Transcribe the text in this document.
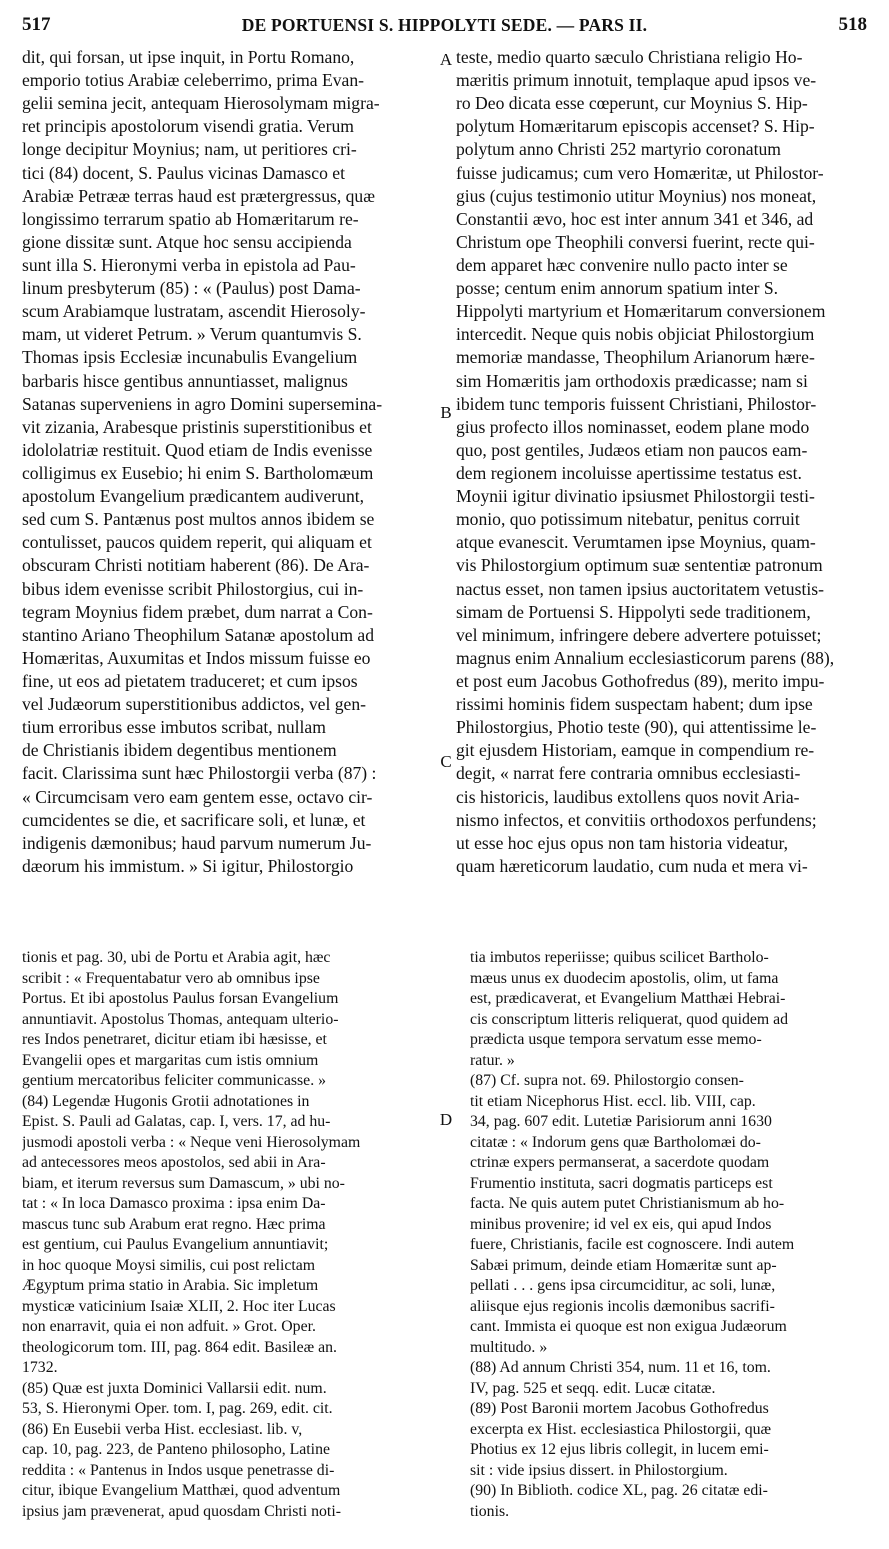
517	DE PORTUENSI S. HIPPOLYTI SEDE. — PARS II.	518
dit, qui forsan, ut ipse inquit, in Portu Romano,
emporio totius Arabiæ celeberrimo, prima Evan-
gelii semina jecit, antequam Hierosolymam migra-
ret principis apostolorum visendi gratia. Verum
longe decipitur Moynius; nam, ut peritiores cri-
tici (84) docent, S. Paulus vicinas Damasco et
Arabiæ Petrææ terras haud est prætergressus, quæ
longissimo terrarum spatio ab Homæritarum re-
gione dissitæ sunt. Atque hoc sensu accipienda
sunt illa S. Hieronymi verba in epistola ad Pau-
linum presbyterum (85) : « (Paulus) post Dama-
scum Arabiamque lustratam, ascendit Hierosoly-
mam, ut videret Petrum. » Verum quantumvis S.
Thomas ipsis Ecclesiæ incunabulis Evangelium
barbaris hisce gentibus annuntiasset, malignus
Satanas superveniens in agro Domini supersemina-
vit zizania, Arabesque pristinis superstitionibus et
idololatriæ restituit. Quod etiam de Indis evenisse
colligimus ex Eusebio; hi enim S. Bartholomæum
apostolum Evangelium prædicantem audiverunt,
sed cum S. Pantænus post multos annos ibidem se
contulisset, paucos quidem reperit, qui aliquam et
obscuram Christi notitiam haberent (86). De Ara-
bibus idem evenisse scribit Philostorgius, cui in-
tegram Moynius fidem præbet, dum narrat a Con-
stantino Ariano Theophilum Satanæ apostolum ad
Homæritas, Auxumitas et Indos missum fuisse eo
fine, ut eos ad pietatem traduceret; et cum ipsos
vel Judæorum superstitionibus addictos, vel gen-
tium erroribus esse imbutos scribat, nullam
de Christianis ibidem degentibus mentionem
facit. Clarissima sunt hæc Philostorgii verba (87) :
« Circumcisam vero eam gentem esse, octavo cir-
cumcidentes se die, et sacrificare soli, et lunæ, et
indigenis dæmonibus; haud parvum numerum Ju-
dæorum his immistum. » Si igitur, Philostorgio
teste, medio quarto sæculo Christiana religio Ho-
mæritis primum innotuit, templaque apud ipsos ve-
ro Deo dicata esse cœperunt, cur Moynius S. Hip-
polytum Homæritarum episcopis accenset? S. Hip-
polytum anno Christi 252 martyrio coronatum
fuisse judicamus; cum vero Homæritæ, ut Philostor-
gius (cujus testimonio utitur Moynius) nos moneat,
Constantii ævo, hoc est inter annum 341 et 346, ad
Christum ope Theophili conversi fuerint, recte qui-
dem apparet hæc convenire nullo pacto inter se
posse; centum enim annorum spatium inter S.
Hippolyti martyrium et Homæritarum conversionem
intercedit. Neque quis nobis objiciat Philostorgium
memoriæ mandasse, Theophilum Arianorum hære-
sim Homæritis jam orthodoxis prædicasse; nam si
ibidem tunc temporis fuissent Christiani, Philostor-
gius profecto illos nominasset, eodem plane modo
quo, post gentiles, Judæos etiam non paucos eam-
dem regionem incoluisse apertissime testatus est.
Moynii igitur divinatio ipsiusmet Philostorgii testi-
monio, quo potissimum nitebatur, penitus corruit
atque evanescit. Verumtamen ipse Moynius, quam-
vis Philostorgium optimum suæ sententiæ patronum
nactus esset, non tamen ipsius auctoritatem vetustis-
simam de Portuensi S. Hippolyti sede traditionem,
vel minimum, infringere debere advertere potuisset;
magnus enim Annalium ecclesiasticorum parens (88),
et post eum Jacobus Gothofredus (89), merito impu-
rissimi hominis fidem suspectam habent; dum ipse
Philostorgius, Photio teste (90), qui attentissime le-
git ejusdem Historiam, eamque in compendium re-
degit, « narrat fere contraria omnibus ecclesiasti-
cis historicis, laudibus extollens quos novit Aria-
nismo infectos, et convitiis orthodoxos perfundens;
ut esse hoc ejus opus non tam historia videatur,
quam hæreticorum laudatio, cum nuda et mera vi-
A
B
C
D
tionis et pag. 30, ubi de Portu et Arabia agit, hæc
scribit : « Frequentabatur vero ab omnibus ipse
Portus. Et ibi apostolus Paulus forsan Evangelium
annuntiavit. Apostolus Thomas, antequam ulterio-
res Indos penetraret, dicitur etiam ibi hæsisse, et
Evangelii opes et margaritas cum istis omnium
gentium mercatoribus feliciter communicasse. »
(84) Legendæ Hugonis Grotii adnotationes in
Epist. S. Pauli ad Galatas, cap. I, vers. 17, ad hu-
jusmodi apostoli verba : « Neque veni Hierosolymam
ad antecessores meos apostolos, sed abii in Ara-
biam, et iterum reversus sum Damascum, » ubi no-
tat : « In loca Damasco proxima : ipsa enim Da-
mascus tunc sub Arabum erat regno. Hæc prima
est gentium, cui Paulus Evangelium annuntiavit;
in hoc quoque Moysi similis, cui post relictam
Ægyptum prima statio in Arabia. Sic impletum
mysticæ vaticinium Isaiæ XLII, 2. Hoc iter Lucas
non enarravit, quia ei non adfuit. » Grot. Oper.
theologicorum tom. III, pag. 864 edit. Basileæ an.
1732.
(85) Quæ est juxta Dominici Vallarsii edit. num.
53, S. Hieronymi Oper. tom. I, pag. 269, edit. cit.
(86) En Eusebii verba Hist. ecclesiast. lib. v,
cap. 10, pag. 223, de Panteno philosopho, Latine
reddita : « Pantenus in Indos usque penetrasse di-
citur, ibique Evangelium Matthæi, quod adventum
ipsius jam prævenerat, apud quosdam Christi noti-
tia imbutos reperiisse; quibus scilicet Bartholo-
mæus unus ex duodecim apostolis, olim, ut fama
est, prædicaverat, et Evangelium Matthæi Hebrai-
cis conscriptum litteris reliquerat, quod quidem ad
prædicta usque tempora servatum esse memo-
ratur. »
(87) Cf. supra not. 69. Philostorgio consen-
tit etiam Nicephorus Hist. eccl. lib. VIII, cap.
34, pag. 607 edit. Lutetiæ Parisiorum anni 1630
citatæ : « Indorum gens quæ Bartholomæi do-
ctrinæ expers permanserat, a sacerdote quodam
Frumentio instituta, sacri dogmatis particeps est
facta. Ne quis autem putet Christianismum ab ho-
minibus provenire; id vel ex eis, qui apud Indos
fuere, Christianis, facile est cognoscere. Indi autem
Sabæi primum, deinde etiam Homæritæ sunt ap-
pellati . . . gens ipsa circumciditur, ac soli, lunæ,
aliisque ejus regionis incolis dæmonibus sacrifi-
cant. Immista ei quoque est non exigua Judæorum
multitudo. »
(88) Ad annum Christi 354, num. 11 et 16, tom.
IV, pag. 525 et seqq. edit. Lucæ citatæ.
(89) Post Baronii mortem Jacobus Gothofredus
excerpta ex Hist. ecclesiastica Philostorgii, quæ
Photius ex 12 ejus libris collegit, in lucem emi-
sit : vide ipsius dissert. in Philostorgium.
(90) In Biblioth. codice XL, pag. 26 citatæ edi-
tionis.
